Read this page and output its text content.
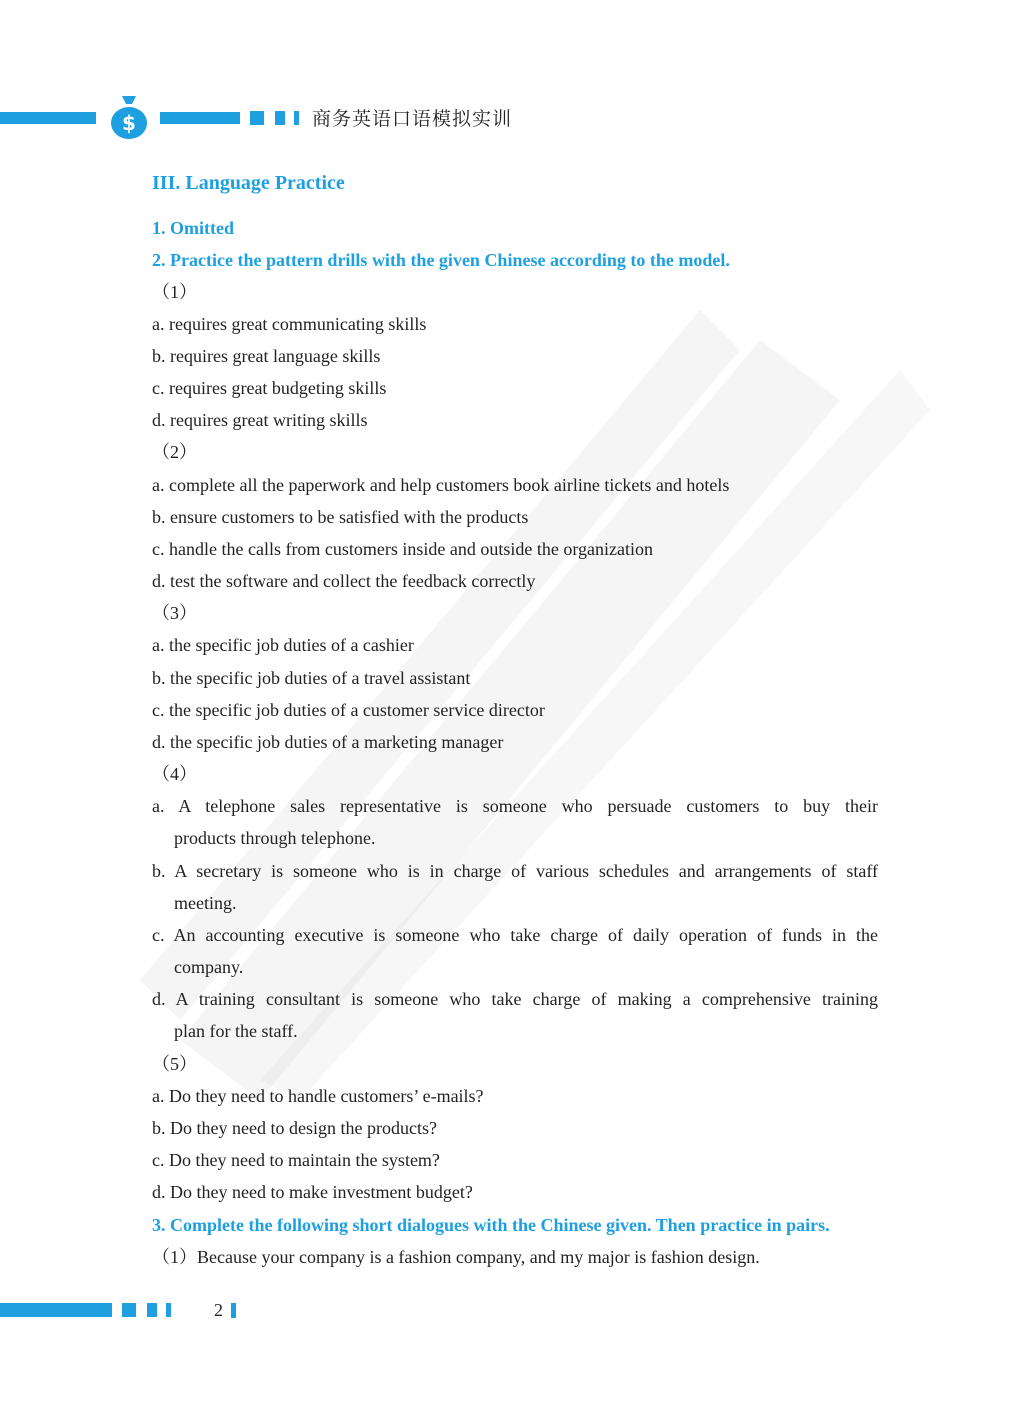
$	商务英语口语模拟实训
III. Language Practice
1. Omitted
2. Practice the pattern drills with the given Chinese according to the model.
（1）
a. requires great communicating skills
b. requires great language skills
c. requires great budgeting skills
d. requires great writing skills
（2）
a. complete all the paperwork and help customers book airline tickets and hotels
b. ensure customers to be satisfied with the products
c. handle the calls from customers inside and outside the organization
d. test the software and collect the feedback correctly
（3）
a. the specific job duties of a cashier
b. the specific job duties of a travel assistant
c. the specific job duties of a customer service director
d. the specific job duties of a marketing manager
（4）
a. A telephone sales representative is someone who persuade customers to buy their
products through telephone.
b. A secretary is someone who is in charge of various schedules and arrangements of staff
meeting.
c. An accounting executive is someone who take charge of daily operation of funds in the
company.
d. A training consultant is someone who take charge of making a comprehensive training
plan for the staff.
（5）
a. Do they need to handle customers’ e-mails?
b. Do they need to design the products?
c. Do they need to maintain the system?
d. Do they need to make investment budget?
3. Complete the following short dialogues with the Chinese given. Then practice in pairs.
（1）Because your company is a fashion company, and my major is fashion design.
2
